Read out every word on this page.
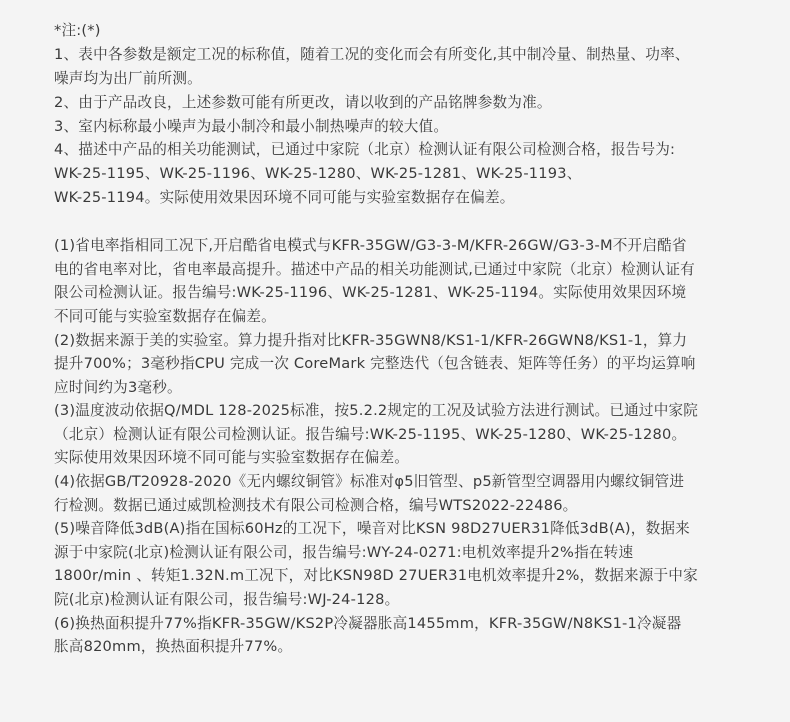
*注:(*)
1、表中各参数是额定工况的标称值，随着工况的变化而会有所变化,其中制冷量、制热量、功率、
噪声均为出厂前所测。
2、由于产品改良，上述参数可能有所更改，请以收到的产品铭牌参数为准。
3、室内标称最小噪声为最小制冷和最小制热噪声的较大值。
4、描述中产品的相关功能测试，已通过中家院（北京）检测认证有限公司检测合格，报告号为:
WK-25-1195、WK-25-1196、WK-25-1280、WK-25-1281、WK-25-1193、
WK-25-1194。实际使用效果因环境不同可能与实验室数据存在偏差。
(1)省电率指相同工况下,开启酷省电模式与KFR-35GW/G3-3-M/KFR-26GW/G3-3-M不开启酷省
电的省电率对比，省电率最高提升。描述中产品的相关功能测试,已通过中家院（北京）检测认证有
限公司检测认证。报告编号:WK-25-1196、WK-25-1281、WK-25-1194。实际使用效果因环境
不同可能与实验室数据存在偏差。
(2)数据来源于美的实验室。算力提升指对比KFR-35GWN8/KS1-1/KFR-26GWN8/KS1-1，算力
提升700%；3毫秒指CPU 完成一次 CoreMark 完整迭代（包含链表、矩阵等任务）的平均运算响
应时间约为3毫秒。
(3)温度波动依据Q/MDL 128-2025标准，按5.2.2规定的工况及试验方法进行测试。已通过中家院
（北京）检测认证有限公司检测认证。报告编号:WK-25-1195、WK-25-1280、WK-25-1280。
实际使用效果因环境不同可能与实验室数据存在偏差。
(4)依据GB/T20928-2020《无内螺纹铜管》标准对φ5旧管型、p5新管型空调器用内螺纹铜管进
行检测。数据已通过威凯检测技术有限公司检测合格，编号WTS2022-22486。
(5)噪音降低3dB(A)指在国标60Hz的工况下，噪音对比KSN 98D27UER31降低3dB(A)，数据来
源于中家院(北京)检测认证有限公司，报告编号:WY-24-0271:电机效率提升2%指在转速
1800r/min 、转矩1.32N.m工况下，对比KSN98D 27UER31电机效率提升2%，数据来源于中家
院(北京)检测认证有限公司，报告编号:WJ-24-128。
(6)换热面积提升77%指KFR-35GW/KS2P冷凝器胀高1455mm，KFR-35GW/N8KS1-1冷凝器
胀高820mm，换热面积提升77%。
